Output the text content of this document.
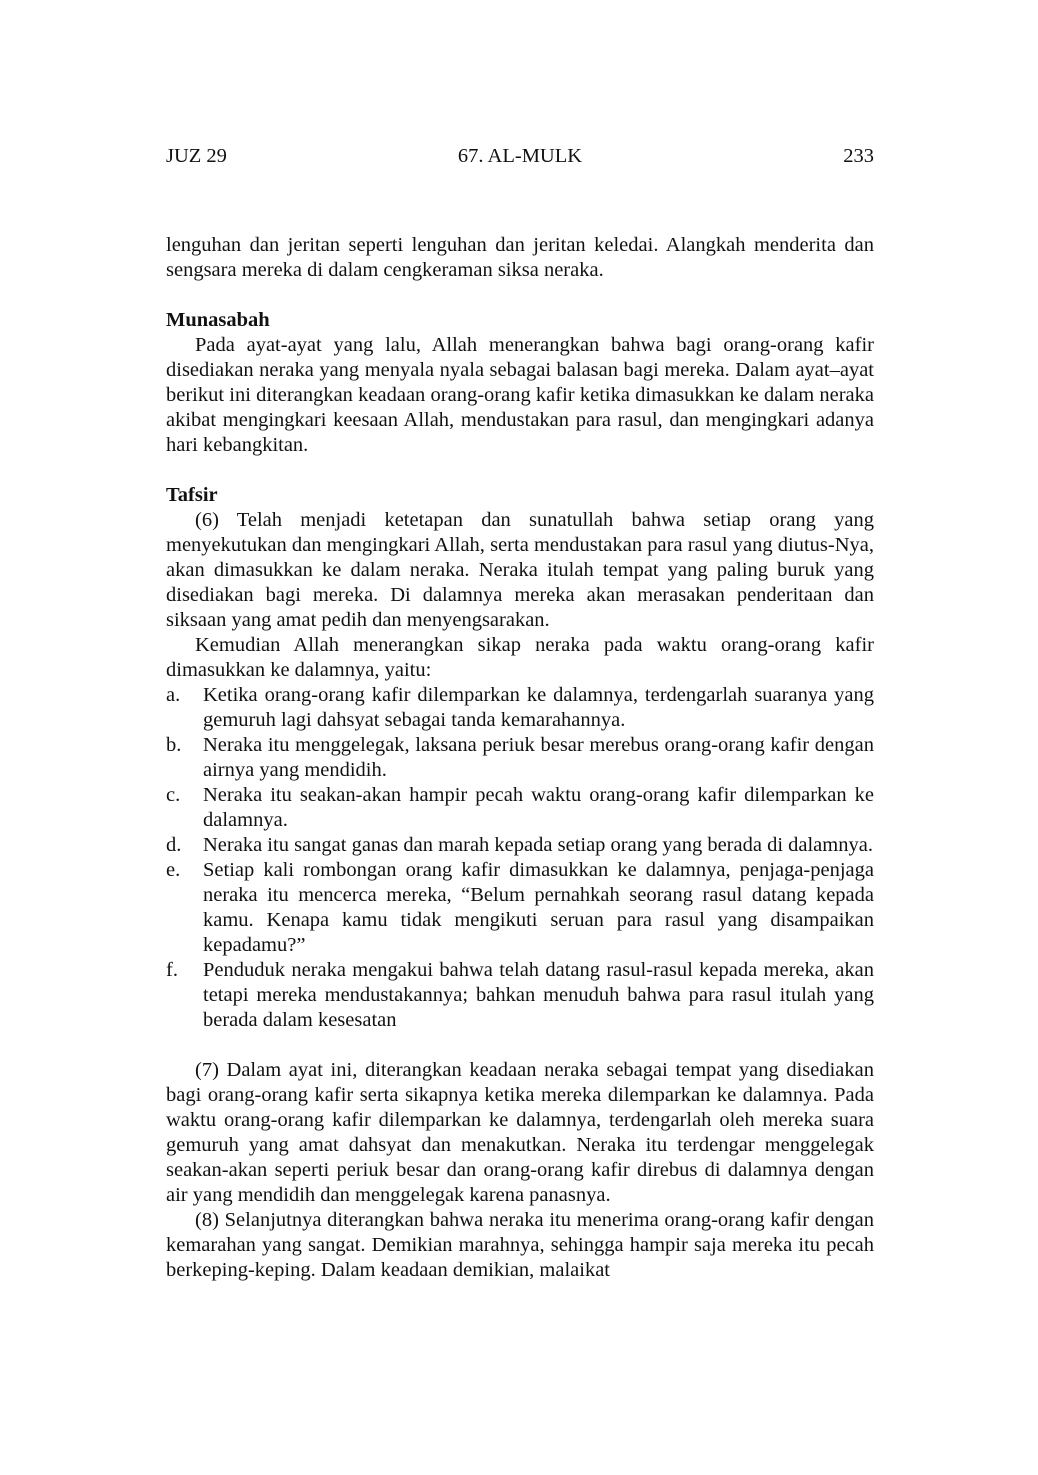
JUZ 29	67. AL-MULK	233

lenguhan dan jeritan seperti lenguhan dan jeritan keledai. Alangkah menderita dan sengsara mereka di dalam cengkeraman siksa neraka.

Munasabah

Pada ayat-ayat yang lalu, Allah menerangkan bahwa bagi orang-orang kafir disediakan neraka yang menyala nyala sebagai balasan bagi mereka. Dalam ayat–ayat berikut ini diterangkan keadaan orang-orang kafir ketika dimasukkan ke dalam neraka akibat mengingkari keesaan Allah, mendustakan para rasul, dan mengingkari adanya hari kebangkitan.

Tafsir

(6) Telah menjadi ketetapan dan sunatullah bahwa setiap orang yang menyekutukan dan mengingkari Allah, serta mendustakan para rasul yang diutus-Nya, akan dimasukkan ke dalam neraka. Neraka itulah tempat yang paling buruk yang disediakan bagi mereka. Di dalamnya mereka akan merasakan penderitaan dan siksaan yang amat pedih dan menyengsarakan.

Kemudian Allah menerangkan sikap neraka pada waktu orang-orang kafir dimasukkan ke dalamnya, yaitu:

a. Ketika orang-orang kafir dilemparkan ke dalamnya, terdengarlah suaranya yang gemuruh lagi dahsyat sebagai tanda kemarahannya.
b. Neraka itu menggelegak, laksana periuk besar merebus orang-orang kafir dengan airnya yang mendidih.
c. Neraka itu seakan-akan hampir pecah waktu orang-orang kafir dilemparkan ke dalamnya.
d. Neraka itu sangat ganas dan marah kepada setiap orang yang berada di dalamnya.
e. Setiap kali rombongan orang kafir dimasukkan ke dalamnya, penjaga-penjaga neraka itu mencerca mereka, “Belum pernahkah seorang rasul datang kepada kamu. Kenapa kamu tidak mengikuti seruan para rasul yang disampaikan kepadamu?”
f. Penduduk neraka mengakui bahwa telah datang rasul-rasul kepada mereka, akan tetapi mereka mendustakannya; bahkan menuduh bahwa para rasul itulah yang berada dalam kesesatan

(7) Dalam ayat ini, diterangkan keadaan neraka sebagai tempat yang disediakan bagi orang-orang kafir serta sikapnya ketika mereka dilemparkan ke dalamnya. Pada waktu orang-orang kafir dilemparkan ke dalamnya, terdengarlah oleh mereka suara gemuruh yang amat dahsyat dan menakutkan. Neraka itu terdengar menggelegak seakan-akan seperti periuk besar dan orang-orang kafir direbus di dalamnya dengan air yang mendidih dan menggelegak karena panasnya.

(8) Selanjutnya diterangkan bahwa neraka itu menerima orang-orang kafir dengan kemarahan yang sangat. Demikian marahnya, sehingga hampir saja mereka itu pecah berkeping-keping. Dalam keadaan demikian, malaikat
